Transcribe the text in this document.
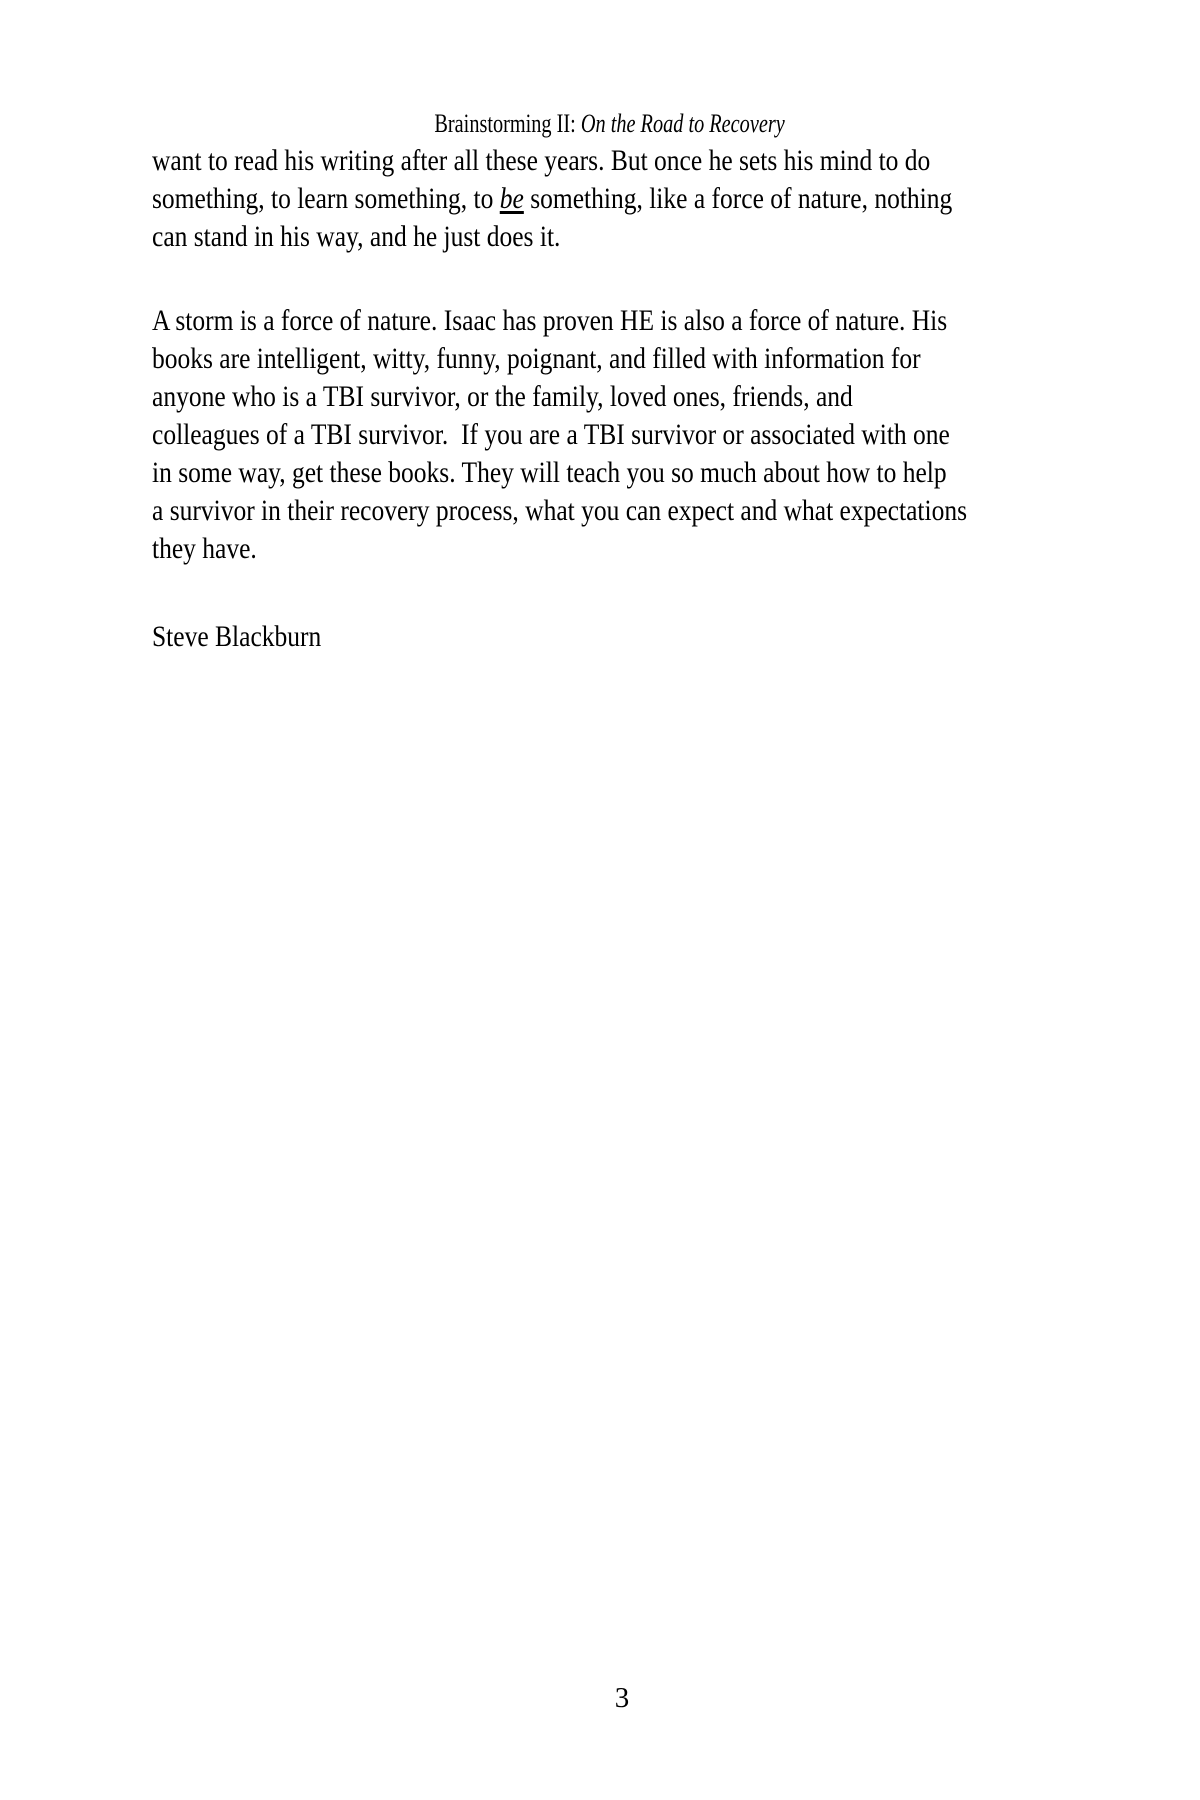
Brainstorming II: On the Road to Recovery

want to read his writing after all these years. But once he sets his mind to do
something, to learn something, to be something, like a force of nature, nothing
can stand in his way, and he just does it.

A storm is a force of nature. Isaac has proven HE is also a force of nature. His
books are intelligent, witty, funny, poignant, and filled with information for
anyone who is a TBI survivor, or the family, loved ones, friends, and
colleagues of a TBI survivor.  If you are a TBI survivor or associated with one
in some way, get these books. They will teach you so much about how to help
a survivor in their recovery process, what you can expect and what expectations
they have.

Steve Blackburn

3
